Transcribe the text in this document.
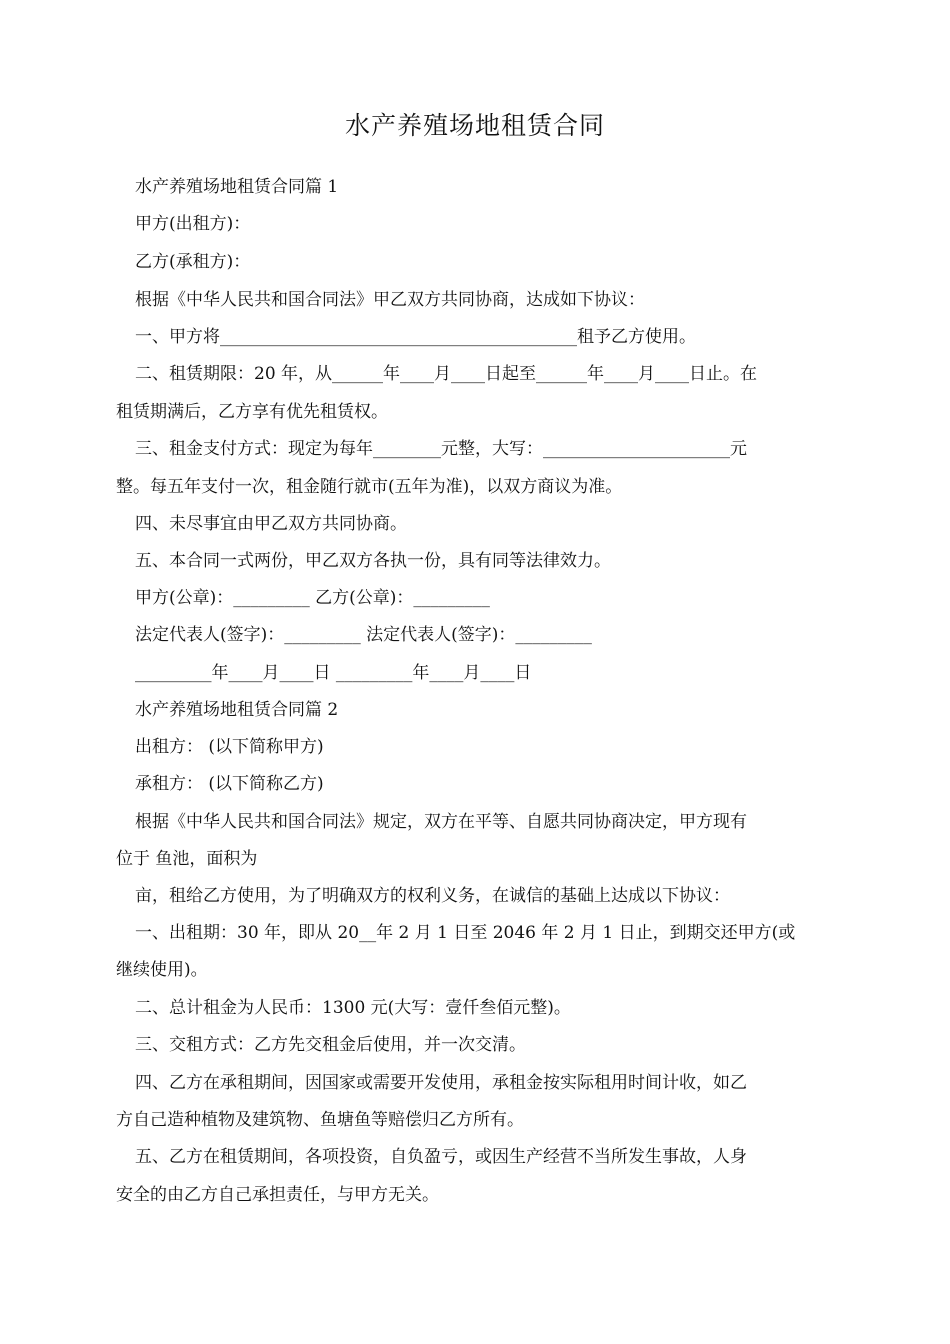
水产养殖场地租赁合同
水产养殖场地租赁合同篇 1
甲方(出租方)：
乙方(承租方)：
根据《中华人民共和国合同法》甲乙双方共同协商，达成如下协议：
一、甲方将__________________________________________租予乙方使用。
二、租赁期限：20 年，从______年____月____日起至______年____月____日止。在
租赁期满后，乙方享有优先租赁权。
三、租金支付方式：现定为每年________元整，大写：______________________元
整。每五年支付一次，租金随行就市(五年为准)，以双方商议为准。
四、未尽事宜由甲乙双方共同协商。
五、本合同一式两份，甲乙双方各执一份，具有同等法律效力。
甲方(公章)：_________ 乙方(公章)：_________
法定代表人(签字)：_________ 法定代表人(签字)：_________
_________年____月____日 _________年____月____日
水产养殖场地租赁合同篇 2
出租方： (以下简称甲方)
承租方： (以下简称乙方)
根据《中华人民共和国合同法》规定，双方在平等、自愿共同协商决定，甲方现有
位于 鱼池，面积为
亩，租给乙方使用，为了明确双方的权利义务，在诚信的基础上达成以下协议：
一、出租期：30 年，即从 20__年 2 月 1 日至 2046 年 2 月 1 日止，到期交还甲方(或
继续使用)。
二、总计租金为人民币：1300 元(大写：壹仟叁佰元整)。
三、交租方式：乙方先交租金后使用，并一次交清。
四、乙方在承租期间，因国家或需要开发使用，承租金按实际租用时间计收，如乙
方自己造种植物及建筑物、鱼塘鱼等赔偿归乙方所有。
五、乙方在租赁期间，各项投资，自负盈亏，或因生产经营不当所发生事故，人身
安全的由乙方自己承担责任，与甲方无关。
